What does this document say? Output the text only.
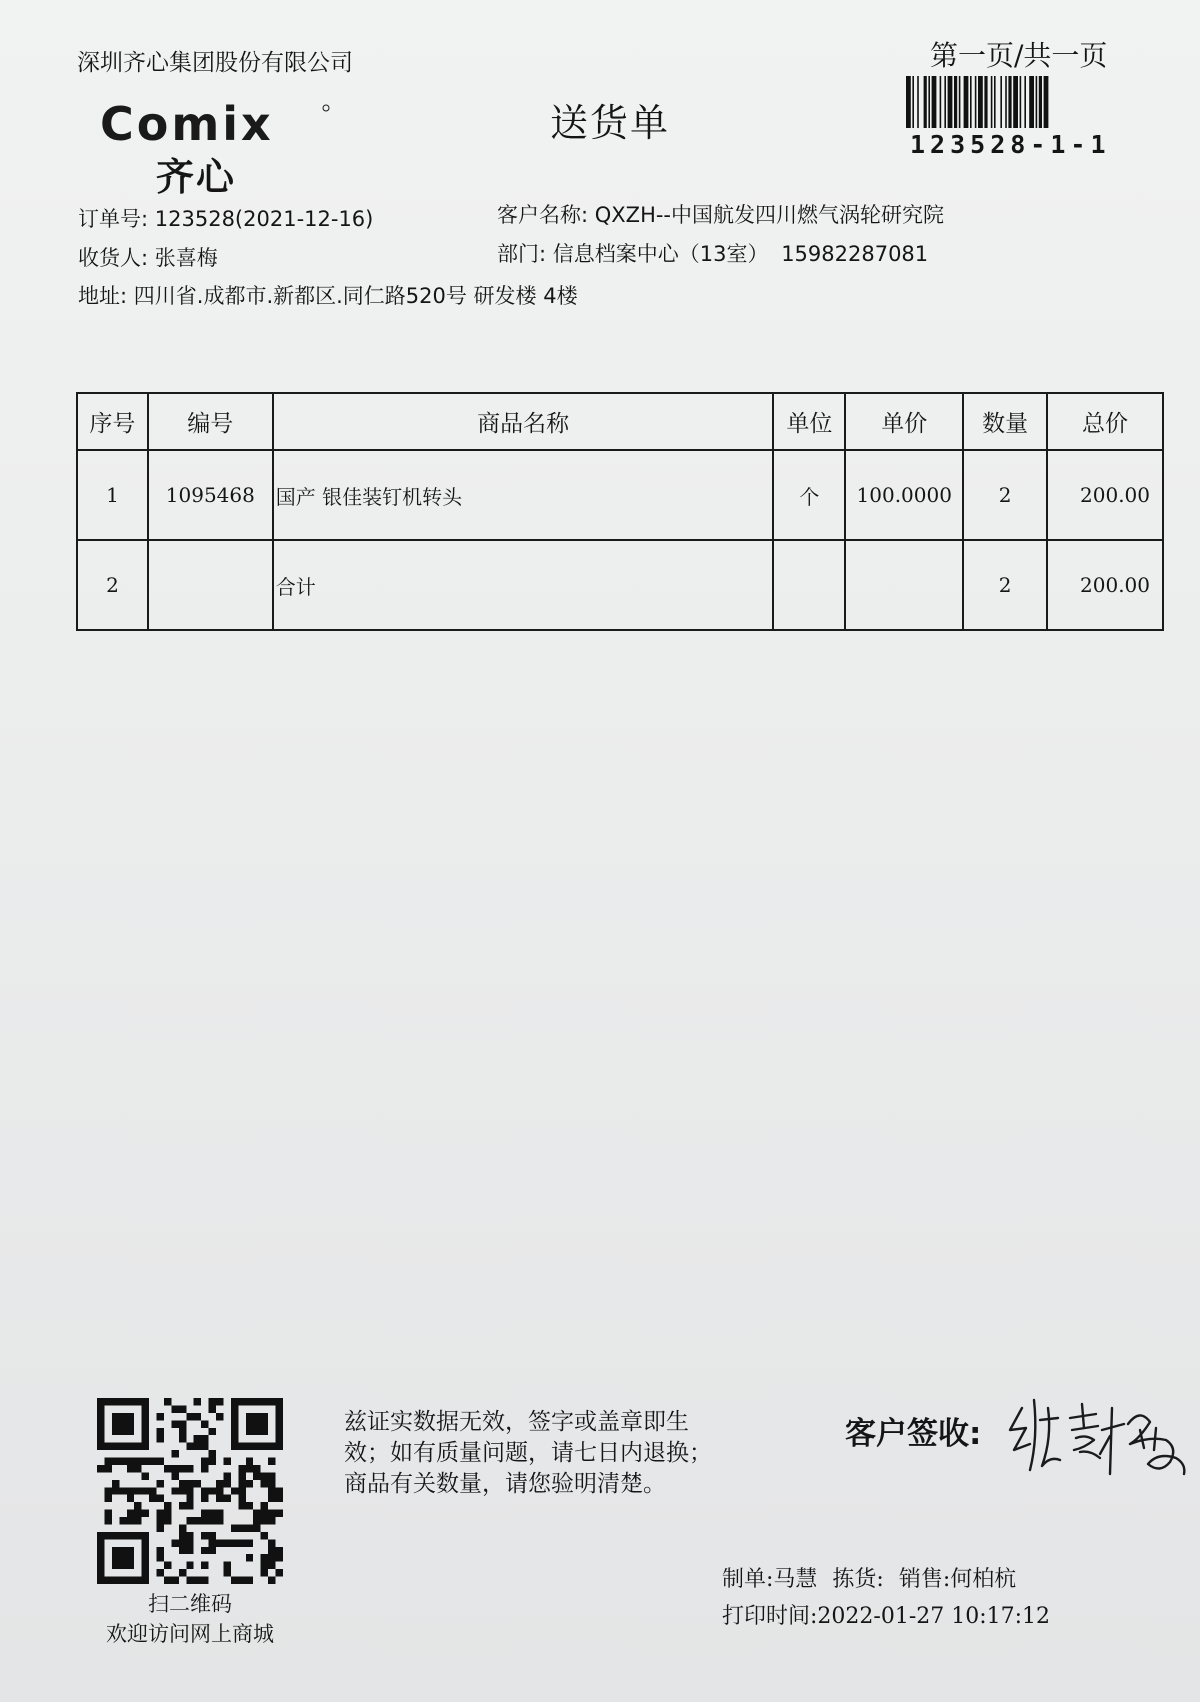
深圳齐心集团股份有限公司
送货单
第一页/共一页
123528-1-1
Comix
齐心
订单号: 123528(2021-12-16)	客户名称: QXZH--中国航发四川燃气涡轮研究院
收货人: 张喜梅	部门: 信息档案中心（13室） 15982287081
地址: 四川省.成都市.新都区.同仁路520号 研发楼 4楼
序号	编号	商品名称	单位	单价	数量	总价
1	1095468	国产 银佳装钉机转头	个	100.0000	2	200.00
2		合计			2	200.00
扫二维码
欢迎访问网上商城
兹证实数据无效，签字或盖章即生
效；如有质量问题，请七日内退换；
商品有关数量，请您验明清楚。
客户签收:
制单:马慧 拣货: 销售:何柏杭
打印时间:2022-01-27 10:17:12
